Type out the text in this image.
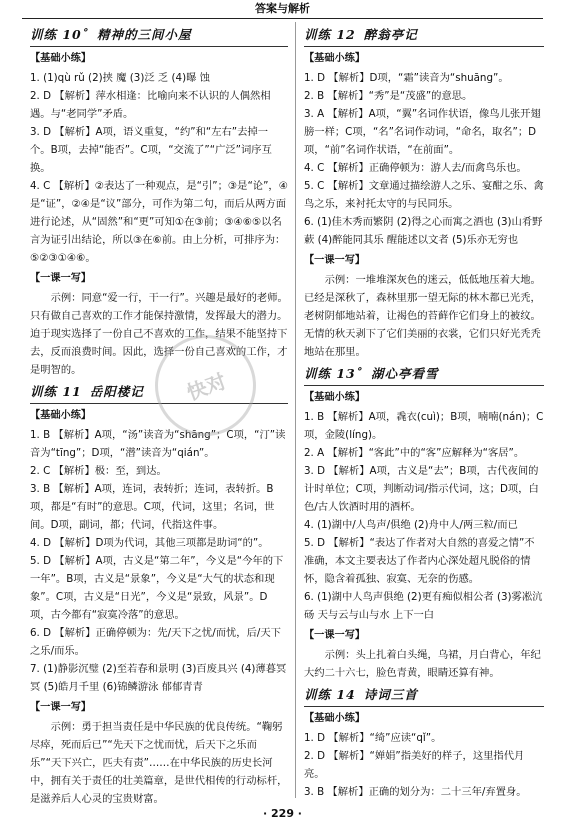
答案与解析
训练 10˚ 精神的三间小屋
【基础小练】
1. (1)qù rǔ (2)挟 魔 (3)泛 乏 (4)曝 蚀
2. D 【解析】萍水相逢：比喻向来不认识的人偶然相遇。与“老同学”矛盾。
3. D 【解析】A项，语义重复，“约”和“左右”去掉一个。B项，去掉“能否”。C项，“交流了”“广泛”词序互换。
4. C 【解析】②表达了一种观点，是“引”；③是“论”，④是“证”，②④是“议”部分，可作为第二句，而后从两方面进行论述，从“固然”和“更”可知①在③前；③④⑥⑤以名言为证引出结论，所以③在⑥前。由上分析，可排序为：⑤②③①④⑥。
【一课一写】
示例：同意“爱一行，干一行”。兴趣是最好的老师。只有做自己喜欢的工作才能保持激情，发挥最大的潜力。迫于现实选择了一份自己不喜欢的工作，结果不能坚持下去，反而浪费时间。因此，选择一份自己喜欢的工作，才是明智的。
训练 11 岳阳楼记
【基础小练】
1. B 【解析】A项，“汤”读音为“shāng”；C项，“汀”读音为“tīng”；D项，“潜”读音为“qián”。
2. C 【解析】极：至，到达。
3. B 【解析】A项，连词，表转折；连词，表转折。B项，都是“有时”的意思。C项，代词，这里；名词，世间。D项，副词，都；代词，代指这件事。
4. D 【解析】D项为代词，其他三项都是助词“的”。
5. D 【解析】A项，古义是“第二年”，今义是“今年的下一年”。B项，古义是“景象”，今义是“大气的状态和现象”。C项，古义是“日光”，今义是“景致，风景”。D项，古今都有“寂寞冷落”的意思。
6. D 【解析】正确停顿为：先/天下之忧/而忧，后/天下之乐/而乐。
7. (1)静影沉璧 (2)至若春和景明 (3)百废具兴 (4)薄暮冥冥 (5)皓月千里 (6)锦鳞游泳 郁郁青青
【一课一写】
示例：勇于担当责任是中华民族的优良传统。“鞠躬尽瘁，死而后已”“先天下之忧而忧，后天下之乐而乐”“天下兴亡，匹夫有责”……在中华民族的历史长河中，拥有关于责任的壮美篇章，是世代相传的行动标杆，是滋养后人心灵的宝贵财富。
训练 12 醉翁亭记
【基础小练】
1. D 【解析】D项，“霜”读音为“shuāng”。
2. B 【解析】“秀”是“茂盛”的意思。
3. A 【解析】A项，“翼”名词作状语，像鸟儿张开翅膀一样；C项，“名”名词作动词，“命名，取名”；D项，“前”名词作状语，“在前面”。
4. C 【解析】正确停顿为：游人去/而禽鸟乐也。
5. C 【解析】文章通过描绘游人之乐、宴酣之乐、禽鸟之乐，来衬托太守的与民同乐。
6. (1)佳木秀而繁阴 (2)得之心而寓之酒也 (3)山肴野蔌 (4)醉能同其乐 醒能述以文者 (5)乐亦无穷也
【一课一写】
示例：一堆堆深灰色的迷云，低低地压着大地。已经是深秋了，森林里那一望无际的林木都已光秃，老树阴郁地站着，让褐色的苔藓作它们身上的被纹。无情的秋天剥下了它们美丽的衣裳，它们只好光秃秃地站在那里。
训练 13˚ 湖心亭看雪
【基础小练】
1. B 【解析】A项，毳衣(cuì)；B项，喃喃(nán)；C项，金陵(líng)。
2. A 【解析】“客此”中的“客”应解释为“客居”。
3. D 【解析】A项，古义是“去”；B项，古代夜间的计时单位；C项，判断动词/指示代词，这；D项，白色/古人饮酒时用的酒杯。
4. (1)湖中/人鸟声/俱绝 (2)舟中人/两三粒/而已
5. D 【解析】“表达了作者对大自然的喜爱之情”不准确，本文主要表达了作者内心深处超凡脱俗的情怀，隐含着孤独、寂寞、无奈的伤感。
6. (1)湖中人鸟声俱绝 (2)更有痴似相公者 (3)雾凇沆砀 天与云与山与水 上下一白
【一课一写】
示例：头上扎着白头绳，乌裙，月白背心，年纪大约二十六七，脸色青黄，眼睛还算有神。
训练 14 诗词三首
【基础小练】
1. D 【解析】“绮”应读“qǐ”。
2. D 【解析】“婵娟”指美好的样子，这里指代月亮。
3. B 【解析】正确的划分为：二十三年/弃置身。
快对
· 229 ·
